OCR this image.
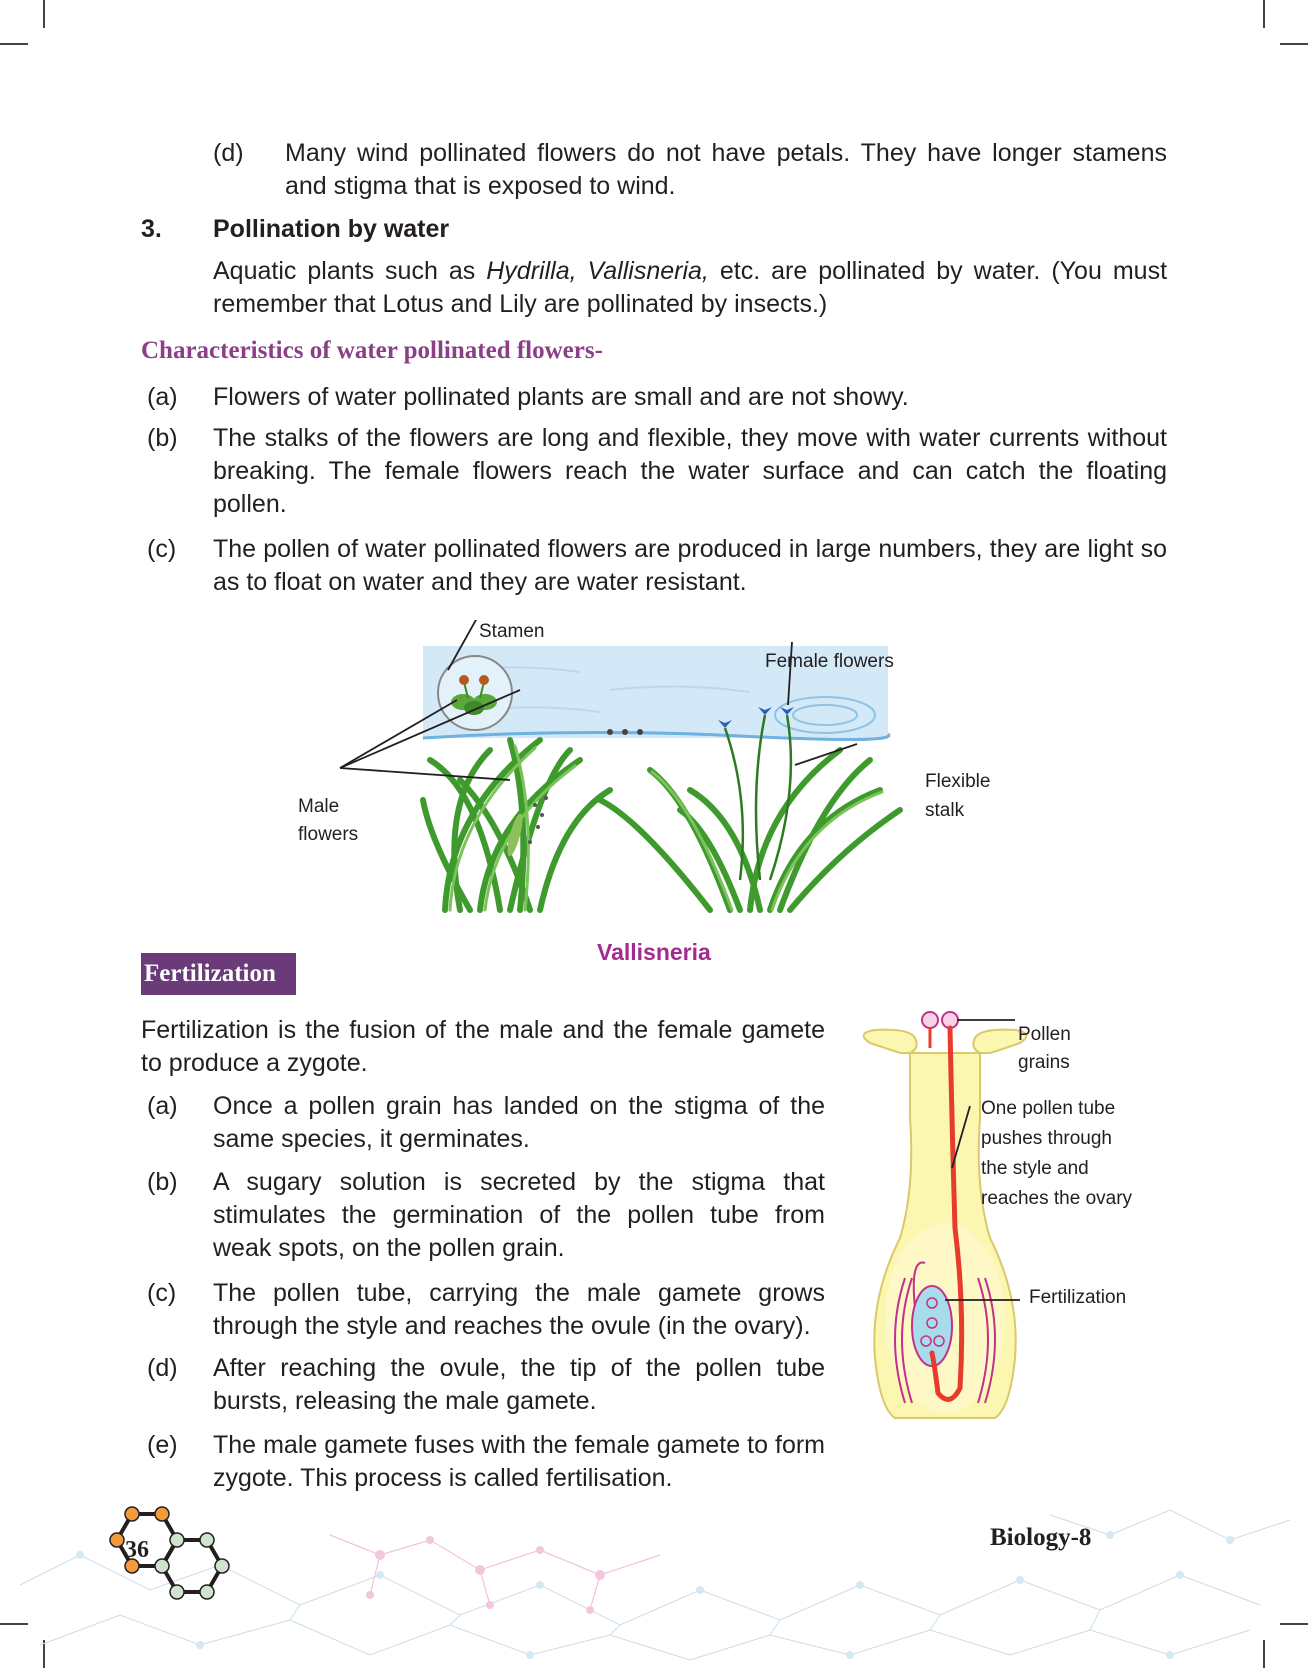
(d) Many wind pollinated flowers do not have petals. They have longer stamens and stigma that is exposed to wind.
3. Pollination by water
Aquatic plants such as Hydrilla, Vallisneria, etc. are pollinated by water. (You must remember that Lotus and Lily are pollinated by insects.)
Characteristics of water pollinated flowers-
(a) Flowers of water pollinated plants are small and are not showy.
(b) The stalks of the flowers are long and flexible, they move with water currents without breaking. The female flowers reach the water surface and can catch the floating pollen.
(c) The pollen of water pollinated flowers are produced in large numbers, they are light so as to float on water and they are water resistant.
Stamen
Female flowers
Male
flowers
Flexible
stalk
Vallisneria
Fertilization
Fertilization is the fusion of the male and the female gamete to produce a zygote.
(a) Once a pollen grain has landed on the stigma of the same species, it germinates.
(b) A sugary solution is secreted by the stigma that stimulates the germination of the pollen tube from weak spots, on the pollen grain.
(c) The pollen tube, carrying the male gamete grows through the style and reaches the ovule (in the ovary).
(d) After reaching the ovule, the tip of the pollen tube bursts, releasing the male gamete.
(e) The male gamete fuses with the female gamete to form zygote. This process is called fertilisation.
Pollen
grains
One pollen tube
pushes through
the style and
reaches the ovary
Fertilization
36	Biology-8
